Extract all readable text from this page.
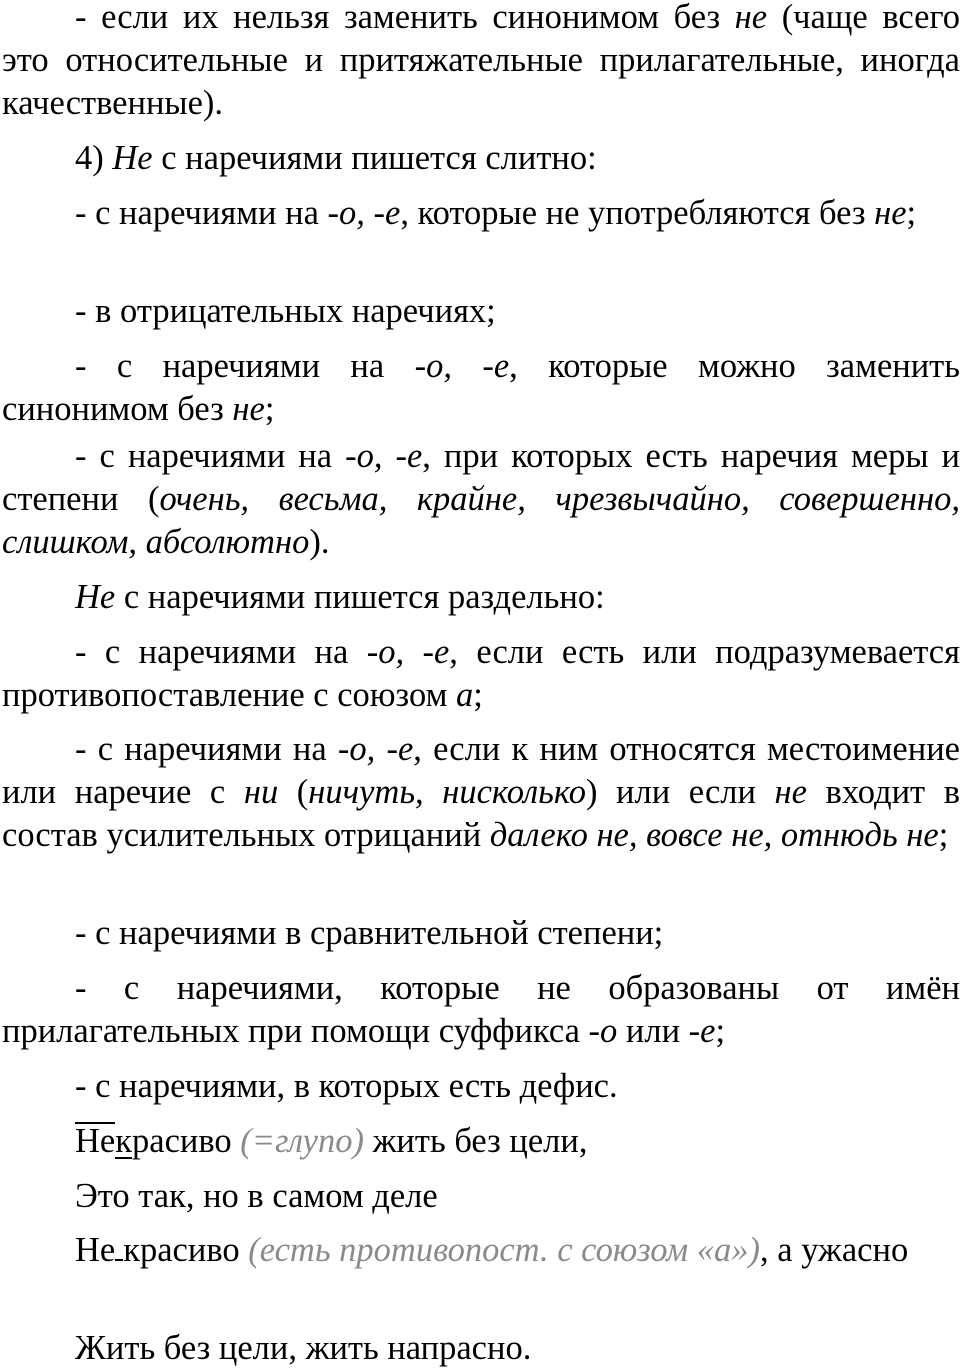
- если их нельзя заменить синонимом без не (чаще всего это относительные и притяжательные прилагательные, иногда качественные).

4) Не с наречиями пишется слитно:

- с наречиями на -о, -е, которые не употребляются без не;

- в отрицательных наречиях;

- с наречиями на -о, -е, которые можно заменить синонимом без не;

- с наречиями на -о, -е, при которых есть наречия меры и степени (очень, весьма, крайне, чрезвычайно, совершенно, слишком, абсолютно).

Не с наречиями пишется раздельно:

- с наречиями на -о, -е, если есть или подразумевается противопоставление с союзом а;

- с наречиями на -о, -е, если к ним относятся местоимение или наречие с ни (ничуть, нисколько) или если не входит в состав усилительных отрицаний далеко не, вовсе не, отнюдь не;

- с наречиями в сравнительной степени;

- с наречиями, которые не образованы от имён прилагательных при помощи суффикса -о или -е;

- с наречиями, в которых есть дефис.

Некрасиво (=глупо) жить без цели,

Это так, но в самом деле

Не красиво (есть противопост. с союзом «а»), а ужасно

Жить без цели, жить напрасно.
